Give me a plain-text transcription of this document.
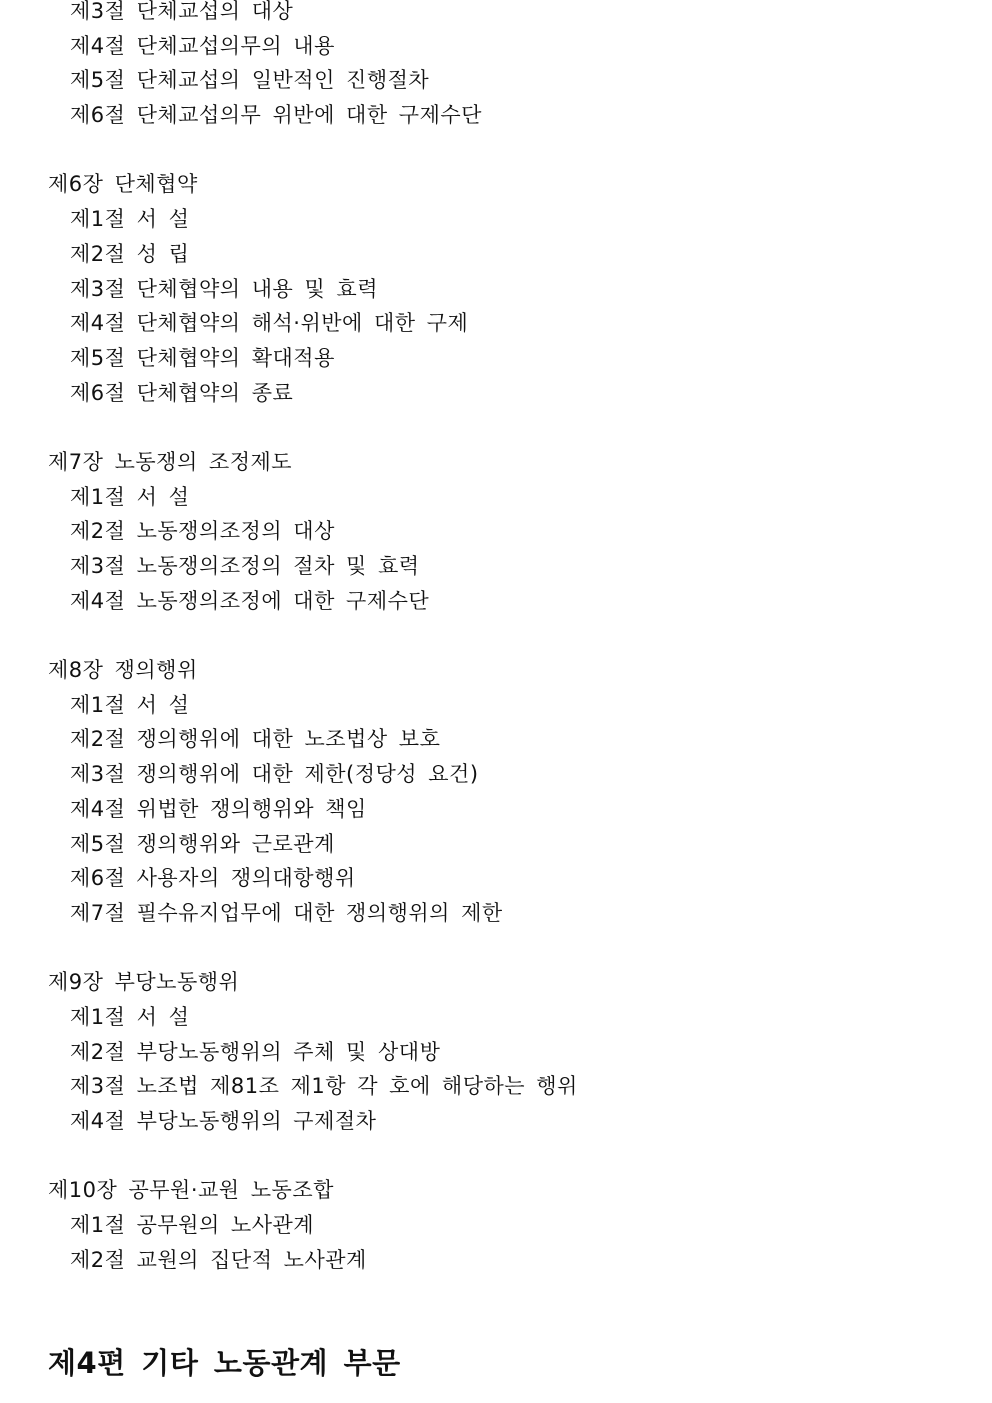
제3절 단체교섭의 대상
제4절 단체교섭의무의 내용
제5절 단체교섭의 일반적인 진행절차
제6절 단체교섭의무 위반에 대한 구제수단
제6장 단체협약
제1절 서 설
제2절 성 립
제3절 단체협약의 내용 및 효력
제4절 단체협약의 해석·위반에 대한 구제
제5절 단체협약의 확대적용
제6절 단체협약의 종료
제7장 노동쟁의 조정제도
제1절 서 설
제2절 노동쟁의조정의 대상
제3절 노동쟁의조정의 절차 및 효력
제4절 노동쟁의조정에 대한 구제수단
제8장 쟁의행위
제1절 서 설
제2절 쟁의행위에 대한 노조법상 보호
제3절 쟁의행위에 대한 제한(정당성 요건)
제4절 위법한 쟁의행위와 책임
제5절 쟁의행위와 근로관계
제6절 사용자의 쟁의대항행위
제7절 필수유지업무에 대한 쟁의행위의 제한
제9장 부당노동행위
제1절 서 설
제2절 부당노동행위의 주체 및 상대방
제3절 노조법 제81조 제1항 각 호에 해당하는 행위
제4절 부당노동행위의 구제절차
제10장 공무원·교원 노동조합
제1절 공무원의 노사관계
제2절 교원의 집단적 노사관계
제4편 기타 노동관계 부문
